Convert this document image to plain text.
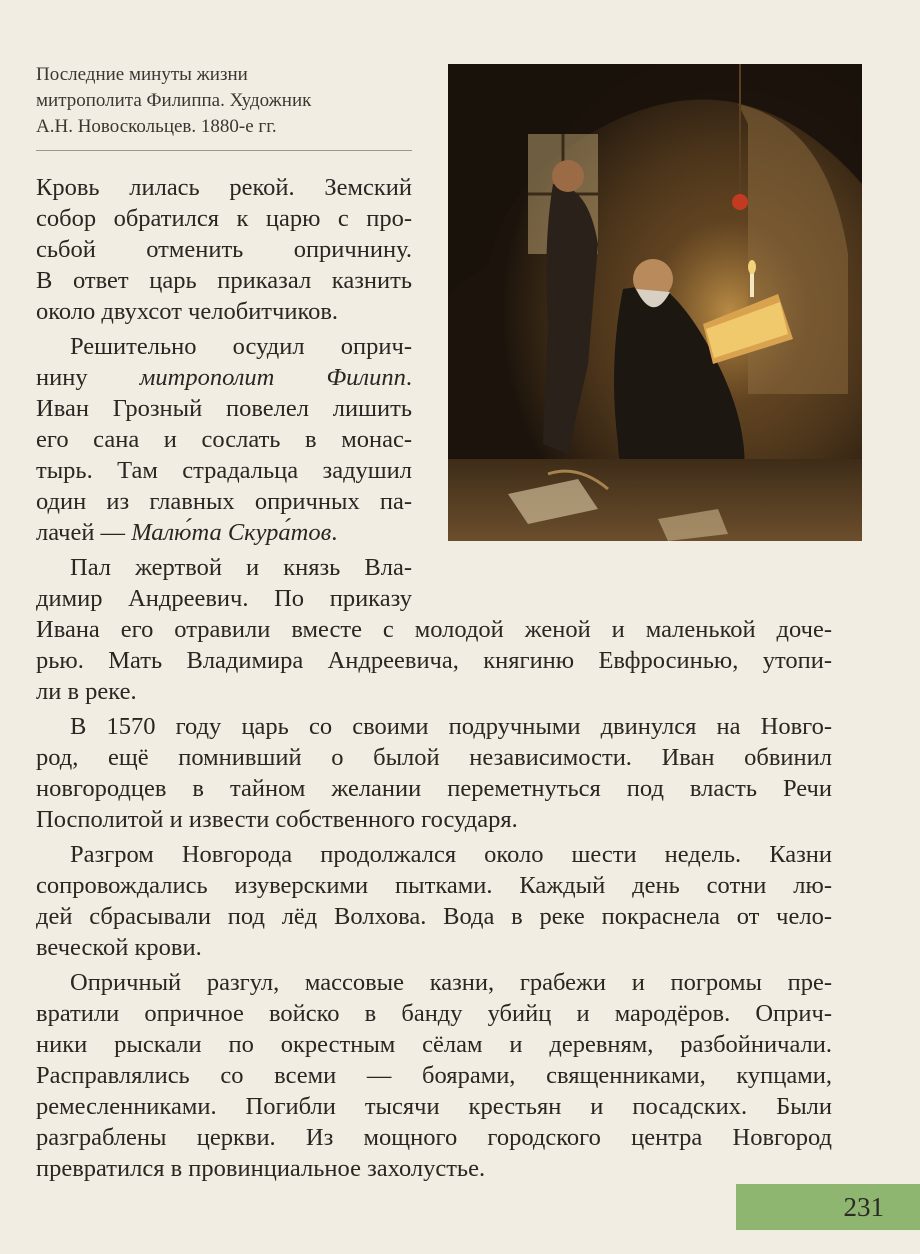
Последние минуты жизни
митрополита Филиппа. Художник
А.Н. Новоскольцев. 1880-е гг.
Кровь лилась рекой. Земский
собор обратился к царю с про-
сьбой отменить опричнину.
В ответ царь приказал казнить
около двухсот челобитчиков.
Решительно осудил оприч-
нину митрополит Филипп.
Иван Грозный повелел лишить
его сана и сослать в монас-
тырь. Там страдальца задушил
один из главных опричных па-
лачей — Малю́та Скура́тов.
Пал жертвой и князь Вла-
димир Андреевич. По приказу
Ивана его отравили вместе с молодой женой и маленькой доче-
рью. Мать Владимира Андреевича, княгиню Евфросинью, утопи-
ли в реке.
В 1570 году царь со своими подручными двинулся на Новго-
род, ещё помнивший о былой независимости. Иван обвинил
новгородцев в тайном желании переметнуться под власть Речи
Посполитой и извести собственного государя.
Разгром Новгорода продолжался около шести недель. Казни
сопровождались изуверскими пытками. Каждый день сотни лю-
дей сбрасывали под лёд Волхова. Вода в реке покраснела от чело-
веческой крови.
Опричный разгул, массовые казни, грабежи и погромы пре-
вратили опричное войско в банду убийц и мародёров. Оприч-
ники рыскали по окрестным сёлам и деревням, разбойничали.
Расправлялись со всеми — боярами, священниками, купцами,
ремесленниками. Погибли тысячи крестьян и посадских. Были
разграблены церкви. Из мощного городского центра Новгород
превратился в провинциальное захолустье.
231
